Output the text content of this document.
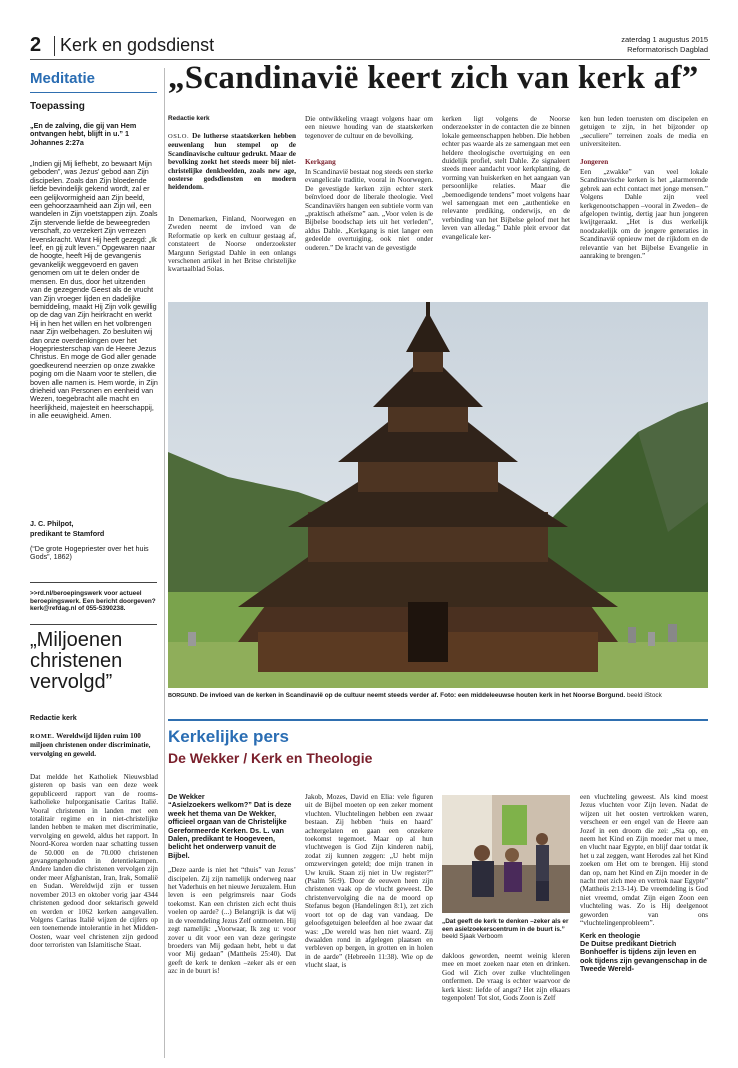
2 Kerk en godsdienst	zaterdag 1 augustus 2015
Reformatorisch Dagblad
Meditatie
Toepassing
„En de zalving, die gij van Hem ontvangen hebt, blijft in u.” 1 Johannes 2:27a
„Indien gij Mij liefhebt, zo bewaart Mijn geboden”, was Jezus’ gebod aan Zijn discipelen. Zoals dan Zijn bloedende liefde bevindelijk gekend wordt, zal er een gelijkvormigheid aan Zijn beeld, een gehoorzaamheid aan Zijn wil, een wandelen in Zijn voetstappen zijn. Zoals Zijn stervende liefde de beweegreden verschaft, zo verzekert Zijn verrezen levenskracht. Want Hij heeft gezegd: „Ik leef, en gij zult leven.” Opgewaren naar de hoogte, heeft Hij de gevangenis gevankelijk weggevoerd en gaven genomen om uit te delen onder de mensen. En dus, door het uitzenden van de gezegende Geest als de vrucht van Zijn vroeger lijden en dadelijke bemiddeling, maakt Hij Zijn volk gewillig op de dag van Zijn heirkracht en werkt Hij in hen het willen en het volbrengen naar Zijn welbehagen. Zo besluiten wij dan onze overdenkingen over het Hogepriesterschap van de Heere Jezus Christus. En moge de God aller genade goedkeurend neerzien op onze zwakke poging om die Naam voor te stellen, die boven alle namen is. Hem worde, in Zijn drieheid van Personen en eenheid van Wezen, toegebracht alle macht en heerlijkheid, majesteit en heerschappij, in alle eeuwigheid. Amen.
J. C. Philpot,
predikant te Stamford
(“De grote Hogepriester over het huis Gods”, 1862)
>>rd.nl/beroepingswerk voor actueel beroepingswerk. Een bericht doorgeven? kerk@refdag.nl of 055-5390238.
„Miljoenen christenen vervolgd”
Redactie kerk
ROME. Wereldwijd lijden ruim 100 miljoen christenen onder discriminatie, vervolging en geweld.
Dat meldde het Katholiek Nieuwsblad gisteren op basis van een deze week gepubliceerd rapport van de rooms-katholieke hulporganisatie Caritas Italië. Vooral christenen in landen met een totalitair regime en in niet-christelijke landen hebben te maken met discriminatie, vervolging en geweld, aldus het rapport. In Noord-Korea worden naar schatting tussen de 50.000 en de 70.000 christenen gevangengehouden in detentiekampen. Andere landen die christenen vervolgen zijn onder meer Afghanistan, Iran, Irak, Somalië en Sudan. Wereldwijd zijn er tussen november 2013 en oktober vorig jaar 4344 christenen gedood door sektarisch geweld en werden er 1062 kerken aangevallen. Volgens Caritas Italië wijzen de cijfers op een toenemende intolerantie in het Midden-Oosten, waar veel christenen zijn gedood door terroristen van Islamitische Staat.
„Scandinavië keert zich van kerk af”
Redactie kerk
OSLO. De lutherse staatskerken hebben eeuwenlang hun stempel op de Scandinavische cultuur gedrukt. Maar de bevolking zoekt het steeds meer bij niet-christelijke denkbeelden, zoals new age, oosterse godsdiensten en modern heidendom.
In Denemarken, Finland, Noorwegen en Zweden neemt de invloed van de Reformatie op kerk en cultuur gestaag af, constateert de Noorse onderzoekster Margunn Serigstad Dahle in een onlangs verschenen artikel in het Britse christelijke kwartaalblad Solas.
Die ontwikkeling vraagt volgens haar om een nieuwe houding van de staatskerken tegenover de cultuur en de bevolking.
Kerkgang
In Scandinavië bestaat nog steeds een sterke evangelicale traditie, vooral in Noorwegen. De gevestigde kerken zijn echter sterk beïnvloed door de liberale theologie. Veel Scandinaviërs hangen een subtiele vorm van „praktisch atheïsme” aan. „Voor velen is de Bijbelse boodschap iets uit het verleden”, aldus Dahle. „Kerkgang is niet langer een gedeelde overtuiging, ook niet onder ouderen.” De kracht van de gevestigde
kerken ligt volgens de Noorse onderzoekster in de contacten die ze binnen lokale gemeenschappen hebben. Die hebben echter pas waarde als ze samengaan met een heldere theologische overtuiging en een duidelijk profiel, stelt Dahle. Ze signaleert steeds meer aandacht voor kerkplanting, de vorming van huiskerken en het aangaan van persoonlijke relaties. Maar die „bemoedigende tendens” moet volgens haar wel samengaan met een „authentieke en relevante prediking, onderwijs, en de verbinding van het Bijbelse geloof met het leven van alledag.” Dahle pleit ervoor dat evangelicale ker-
ken hun leden toerusten om discipelen en getuigen te zijn, in het bijzonder op „seculiere” terreinen zoals de media en universiteiten.
Jongeren
Een „zwakke” van veel lokale Scandinavische kerken is het „alarmerende gebrek aan echt contact met jonge mensen.” Volgens Dahle zijn veel kerkgenootschappen –vooral in Zweden– de afgelopen twintig, dertig jaar hun jongeren kwijtgeraakt. „Het is dus werkelijk noodzakelijk om de jongere generaties in Scandinavië opnieuw met de rijkdom en de relevantie van het Bijbelse Evangelie in aanraking te brengen.”
BORGUND. De invloed van de kerken in Scandinavië op de cultuur neemt steeds verder af. Foto: een middeleeuwse houten kerk in het Noorse Borgund. beeld iStock
Kerkelijke pers
De Wekker / Kerk en Theologie
De Wekker
“Asielzoekers welkom?” Dat is deze week het thema van De Wekker, officieel orgaan van de Christelijke Gereformeerde Kerken. Ds. L. van Dalen, predikant te Hoogeveen, belicht het onderwerp vanuit de Bijbel.
„Deze aarde is niet het “thuis” van Jezus’ discipelen. Zij zijn namelijk onderweg naar het Vaderhuis en het nieuwe Jeruzalem. Hun leven is een pelgrimsreis naar Gods toekomst. Kan een christen zich echt thuis voelen op aarde? (...) Belangrijk is dat wij in de vreemdeling Jezus Zelf ontmoeten. Hij zegt namelijk: „Voorwaar, Ik zeg u: voor zover u dit voor een van deze geringste broeders van Mij gedaan hebt, hebt u dat voor Mij gedaan” (Mattheüs 25:40). Dat geeft de kerk te denken –zeker als er een azc in de buurt is!
Jakob, Mozes, David en Elia: vele figuren uit de Bijbel moeten op een zeker moment vluchten. Vluchtelingen hebben een zwaar bestaan. Zij hebben ‘huis en haard’ achtergelaten en gaan een onzekere toekomst tegemoet. Maar op al hun vluchtwegen is God Zijn kinderen nabij, zodat zij kunnen zeggen: „U hebt mijn omzwervingen geteld; doe mijn tranen in Uw kruik. Staan zij niet in Uw register?” (Psalm 56:9). Door de eeuwen heen zijn christenen vaak op de vlucht geweest. De christenvervolging die na de moord op Stefanus begon (Handelingen 8:1), zet zich voort tot op de dag van vandaag. De geloofsgetuigen beleefden al hoe zwaar dat was: „De wereld was hen niet waard. Zij dwaalden rond in afgelegen plaatsen en verbleven op bergen, in grotten en in holen in de aarde” (Hebreeën 11:38). Wie op de vlucht slaat, is
„Dat geeft de kerk te denken –zeker als er een asielzoekerscentrum in de buurt is.” beeld Sjaak Verboom
dakloos geworden, neemt weinig kleren mee en moet zoeken naar eten en drinken. God wil Zich over zulke vluchtelingen ontfermen. De vraag is echter waarvoor de kerk kiest: liefde of angst? Het zijn elkaars tegenpolen! Tot slot, Gods Zoon is Zelf
een vluchteling geweest. Als kind moest Jezus vluchten voor Zijn leven. Nadat de wijzen uit het oosten vertrokken waren, verscheen er een engel van de Heere aan Jozef in een droom die zei: „Sta op, en neem het Kind en Zijn moeder met u mee, en vlucht naar Egypte, en blijf daar totdat ik het u zal zeggen, want Herodes zal het Kind zoeken om Het om te brengen. Hij stond dan op, nam het Kind en Zijn moeder in de nacht met zich mee en vertrok naar Egypte” (Mattheüs 2:13-14). De vreemdeling is God niet vreemd, omdat Zijn eigen Zoon een vluchteling was. Zo is Hij deelgenoot geworden van ons “vluchtelingenprobleem”.
Kerk en theologie
De Duitse predikant Dietrich Bonhoeffer is tijdens zijn leven en ook tijdens zijn gevangenschap in de Tweede Wereld-
